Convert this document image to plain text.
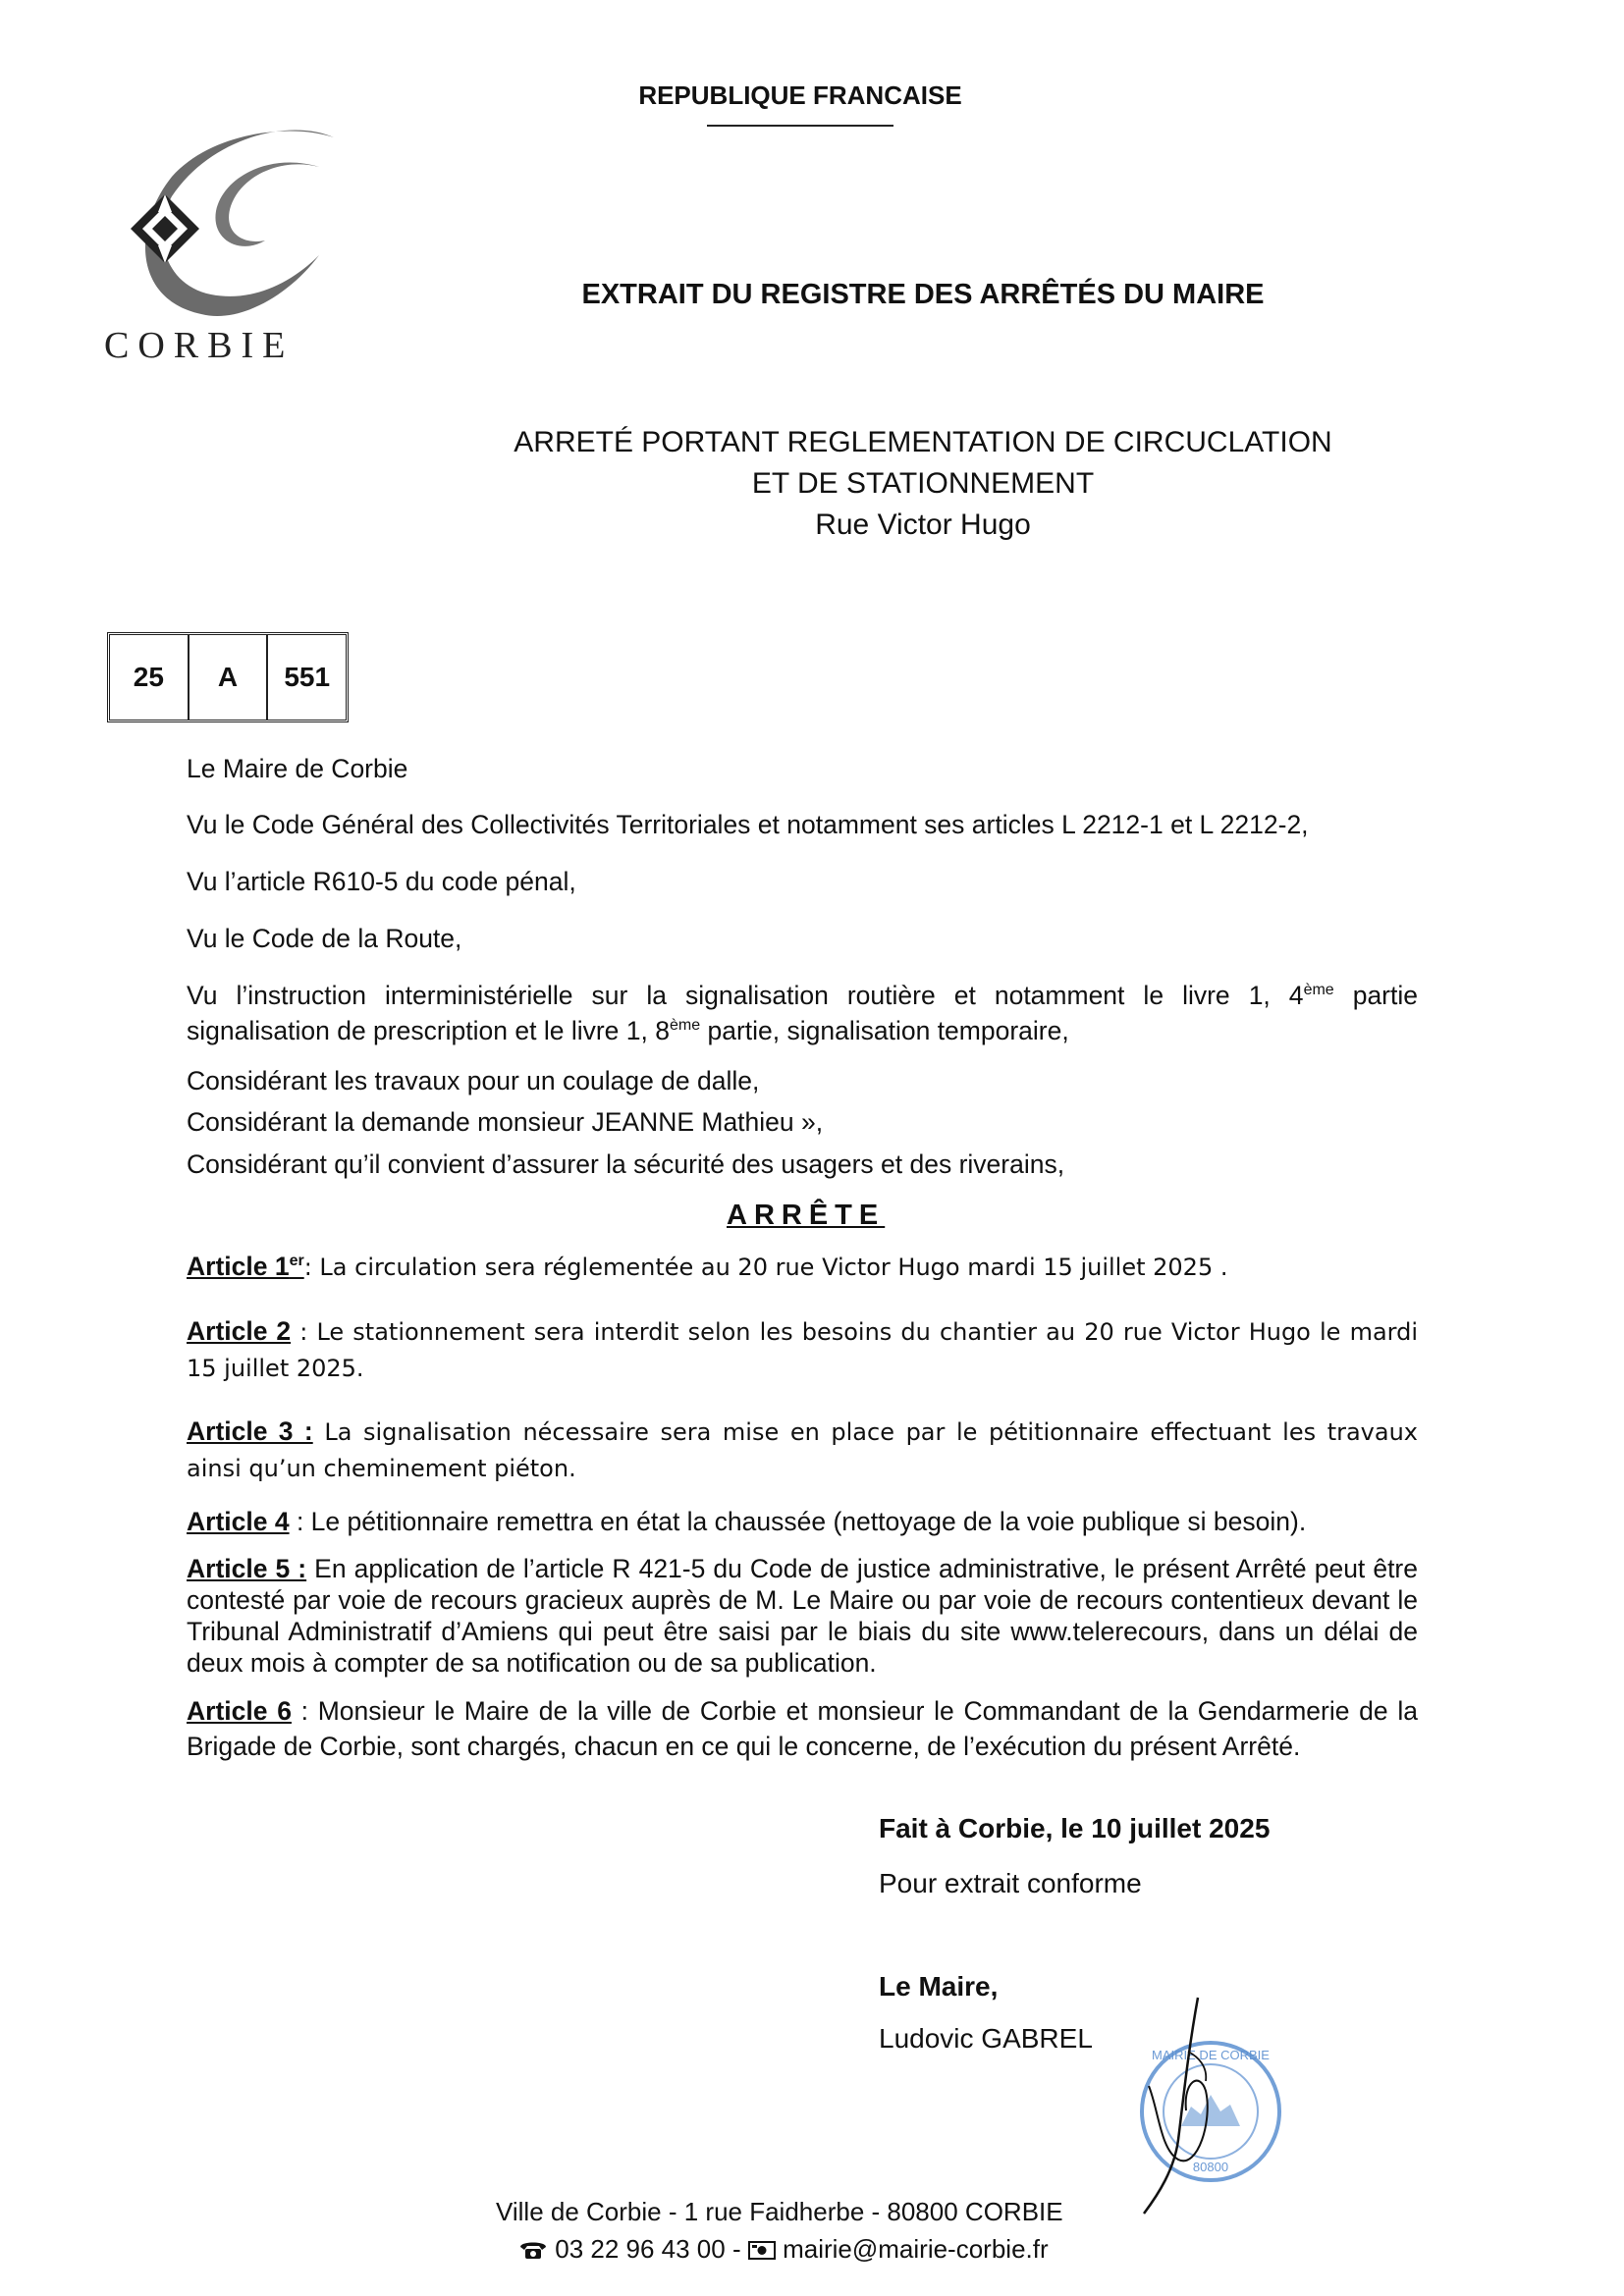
REPUBLIQUE FRANCAISE
CORBIE
EXTRAIT DU REGISTRE DES ARRÊTÉS DU MAIRE
ARRETÉ PORTANT REGLEMENTATION DE CIRCUCLATION
ET DE STATIONNEMENT
Rue Victor Hugo
25	A	551
Le Maire de Corbie
Vu le Code Général des Collectivités Territoriales et notamment ses articles L 2212-1 et L 2212-2,
Vu l’article R610-5 du code pénal,
Vu le Code de la Route,
Vu l’instruction interministérielle sur la signalisation routière et notamment le livre 1, 4ème partie signalisation de prescription et le livre 1, 8ème partie, signalisation temporaire,
Considérant les travaux pour un coulage de dalle,
Considérant la demande monsieur JEANNE Mathieu »,
Considérant qu’il convient d’assurer la sécurité des usagers et des riverains,
ARRÊTE
Article 1er: La circulation sera réglementée au 20 rue Victor Hugo mardi 15 juillet 2025 .
Article 2 : Le stationnement sera interdit selon les besoins du chantier au 20 rue Victor Hugo le mardi 15 juillet 2025.
Article 3 : La signalisation nécessaire sera mise en place par le pétitionnaire effectuant les travaux ainsi qu’un cheminement piéton.
Article 4 : Le pétitionnaire remettra en état la chaussée (nettoyage de la voie publique si besoin).
Article 5 : En application de l’article R 421-5 du Code de justice administrative, le présent Arrêté peut être contesté par voie de recours gracieux auprès de M. Le Maire ou par voie de recours contentieux devant le Tribunal Administratif d’Amiens qui peut être saisi par le biais du site www.telerecours, dans un délai de deux mois à compter de sa notification ou de sa publication.
Article 6 : Monsieur le Maire de la ville de Corbie et monsieur le Commandant de la Gendarmerie de la Brigade de Corbie, sont chargés, chacun en ce qui le concerne, de l’exécution du présent Arrêté.
Fait à Corbie, le 10 juillet 2025
Pour extrait conforme
Le Maire,
Ludovic GABREL
MAIRIE DE CORBIE
80800
Ville de Corbie - 1 rue Faidherbe - 80800 CORBIE
03 22 96 43 00 -  mairie@mairie-corbie.fr
